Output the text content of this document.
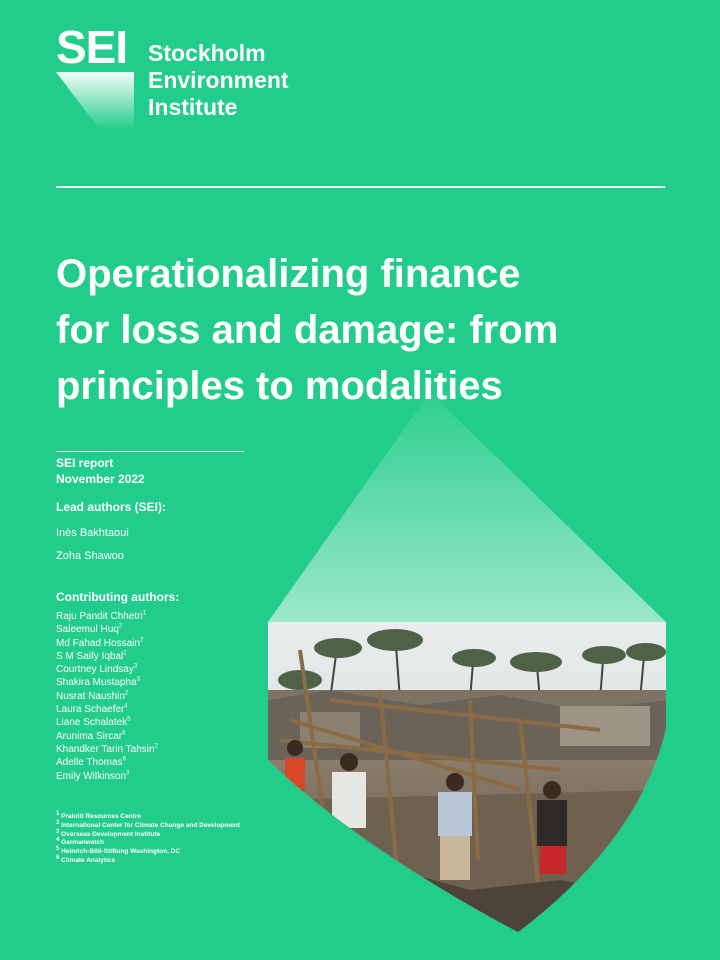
SEI Stockholm
Environment
Institute

Operationalizing finance
for loss and damage: from
principles to modalities
SEI report
November 2022
Lead authors (SEI):
Inès Bakhtaoui
Zoha Shawoo
Contributing authors:
Raju Pandit Chhetri$^1$
Saleemul Huq$^2$
Md Fahad Hossain$^2$
S M Saify Iqbal$^2$
Courtney Lindsay$^3$
Shakira Mustapha$^3$
Nusrat Naushin$^2$
Laura Schaefer$^4$
Liane Schalatek$^5$
Arunima Sircar$^6$
Khandker Tarin Tahsin$^2$
Adelle Thomas$^6$
Emily Wilkinson$^3$
$^1$ Prakriti Resources Centre
$^2$ International Center for Climate Change and Development
$^3$ Overseas Development Institute
$^4$ Germanwatch
$^5$ Heinrich-Böll-Stiftung Washington, DC
$^6$ Climate Analytics
